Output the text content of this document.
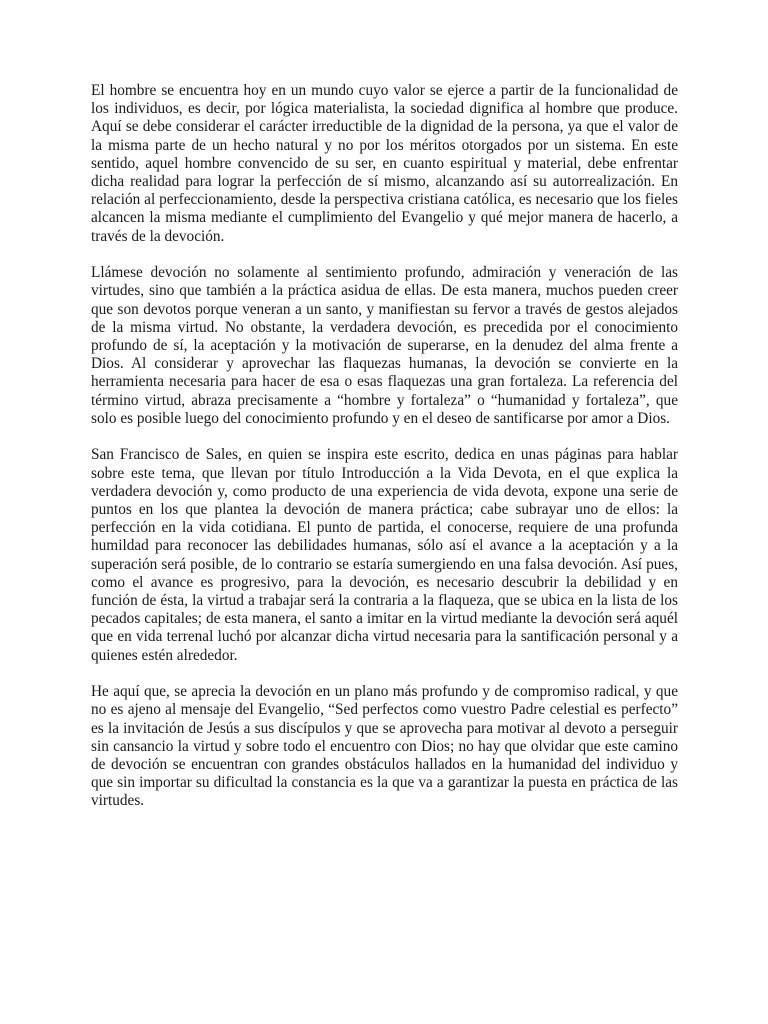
El hombre se encuentra hoy en un mundo cuyo valor se ejerce a partir de la funcionalidad de los individuos, es decir, por lógica materialista, la sociedad dignifica al hombre que produce. Aquí se debe considerar el carácter irreductible de la dignidad de la persona, ya que el valor de la misma parte de un hecho natural y no por los méritos otorgados por un sistema. En este sentido, aquel hombre convencido de su ser, en cuanto espiritual y material, debe enfrentar dicha realidad para lograr la perfección de sí mismo, alcanzando así su autorrealización. En relación al perfeccionamiento, desde la perspectiva cristiana católica, es necesario que los fieles alcancen la misma mediante el cumplimiento del Evangelio y qué mejor manera de hacerlo, a través de la devoción.

Llámese devoción no solamente al sentimiento profundo, admiración y veneración de las virtudes, sino que también a la práctica asidua de ellas. De esta manera, muchos pueden creer que son devotos porque veneran a un santo, y manifiestan su fervor a través de gestos alejados de la misma virtud. No obstante, la verdadera devoción, es precedida por el conocimiento profundo de sí, la aceptación y la motivación de superarse, en la denudez del alma frente a Dios. Al considerar y aprovechar las flaquezas humanas, la devoción se convierte en la herramienta necesaria para hacer de esa o esas flaquezas una gran fortaleza. La referencia del término virtud, abraza precisamente a “hombre y fortaleza” o “humanidad y fortaleza”, que solo es posible luego del conocimiento profundo y en el deseo de santificarse por amor a Dios.

San Francisco de Sales, en quien se inspira este escrito, dedica en unas páginas para hablar sobre este tema, que llevan por título Introducción a la Vida Devota, en el que explica la verdadera devoción y, como producto de una experiencia de vida devota, expone una serie de puntos en los que plantea la devoción de manera práctica; cabe subrayar uno de ellos: la perfección en la vida cotidiana. El punto de partida, el conocerse, requiere de una profunda humildad para reconocer las debilidades humanas, sólo así el avance a la aceptación y a la superación será posible, de lo contrario se estaría sumergiendo en una falsa devoción. Así pues, como el avance es progresivo, para la devoción, es necesario descubrir la debilidad y en función de ésta, la virtud a trabajar será la contraria a la flaqueza, que se ubica en la lista de los pecados capitales; de esta manera, el santo a imitar en la virtud mediante la devoción será aquél que en vida terrenal luchó por alcanzar dicha virtud necesaria para la santificación personal y a quienes estén alrededor.

He aquí que, se aprecia la devoción en un plano más profundo y de compromiso radical, y que no es ajeno al mensaje del Evangelio, “Sed perfectos como vuestro Padre celestial es perfecto” es la invitación de Jesús a sus discípulos y que se aprovecha para motivar al devoto a perseguir sin cansancio la virtud y sobre todo el encuentro con Dios; no hay que olvidar que este camino de devoción se encuentran con grandes obstáculos hallados en la humanidad del individuo y que sin importar su dificultad la constancia es la que va a garantizar la puesta en práctica de las virtudes.
